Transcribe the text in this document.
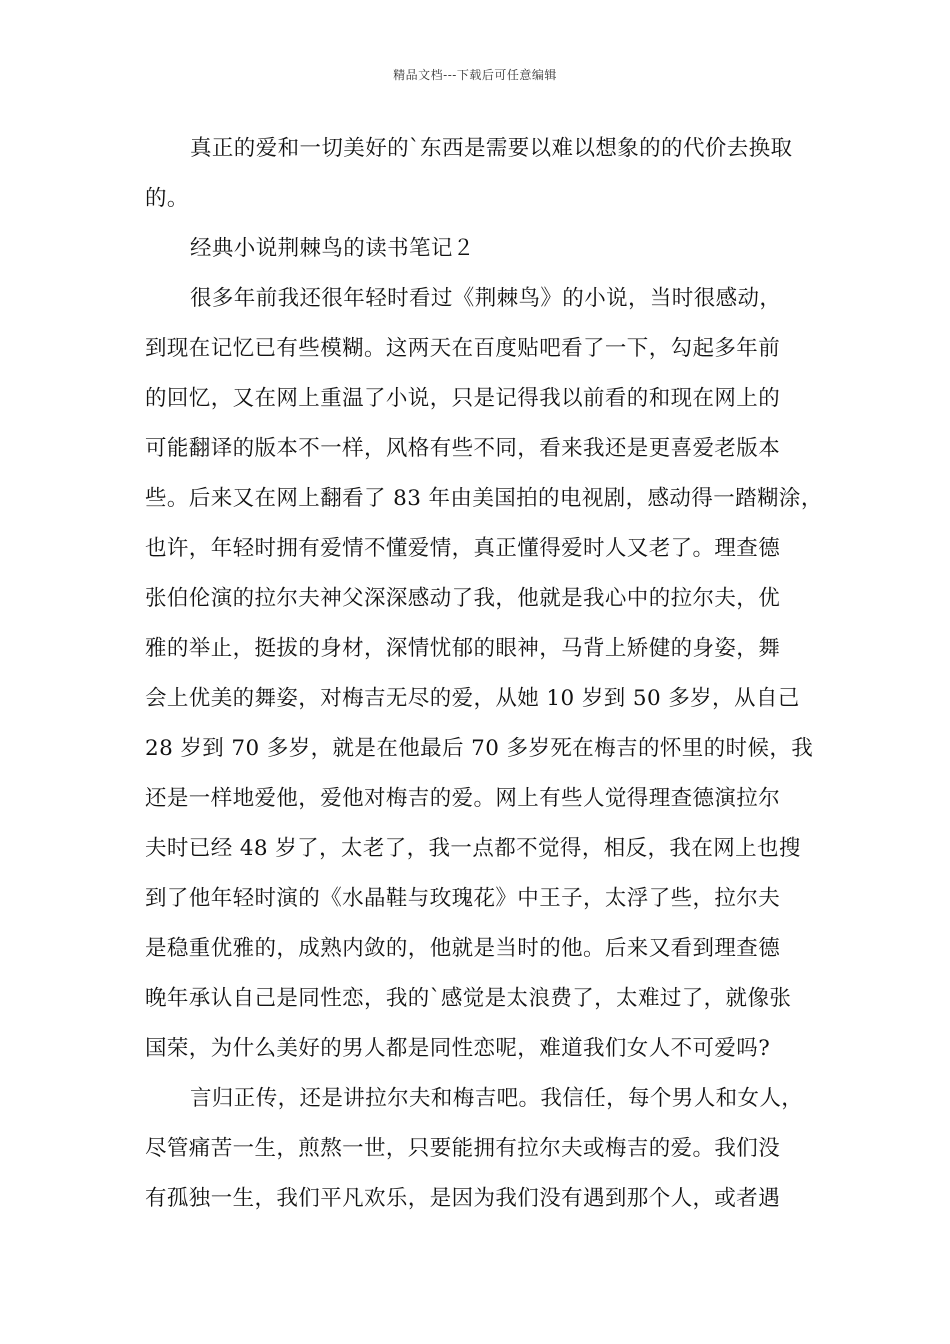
精品文档---下载后可任意编辑
真正的爱和一切美好的`东西是需要以难以想象的的代价去换取
的。
经典小说荆棘鸟的读书笔记２
很多年前我还很年轻时看过《荆棘鸟》的小说，当时很感动，
到现在记忆已有些模糊。这两天在百度贴吧看了一下，勾起多年前
的回忆，又在网上重温了小说，只是记得我以前看的和现在网上的
可能翻译的版本不一样，风格有些不同，看来我还是更喜爱老版本
些。后来又在网上翻看了 83 年由美国拍的电视剧，感动得一踏糊涂，
也许，年轻时拥有爱情不懂爱情，真正懂得爱时人又老了。理查德
张伯伦演的拉尔夫神父深深感动了我，他就是我心中的拉尔夫，优
雅的举止，挺拔的身材，深情忧郁的眼神，马背上矫健的身姿，舞
会上优美的舞姿，对梅吉无尽的爱，从她 10 岁到 50 多岁，从自己
28 岁到 70 多岁，就是在他最后 70 多岁死在梅吉的怀里的时候，我
还是一样地爱他，爱他对梅吉的爱。网上有些人觉得理查德演拉尔
夫时已经 48 岁了，太老了，我一点都不觉得，相反，我在网上也搜
到了他年轻时演的《水晶鞋与玫瑰花》中王子，太浮了些，拉尔夫
是稳重优雅的，成熟内敛的，他就是当时的他。后来又看到理查德
晚年承认自己是同性恋，我的`感觉是太浪费了，太难过了，就像张
国荣，为什么美好的男人都是同性恋呢，难道我们女人不可爱吗?
言归正传，还是讲拉尔夫和梅吉吧。我信任，每个男人和女人，
尽管痛苦一生，煎熬一世，只要能拥有拉尔夫或梅吉的爱。我们没
有孤独一生，我们平凡欢乐，是因为我们没有遇到那个人，或者遇
